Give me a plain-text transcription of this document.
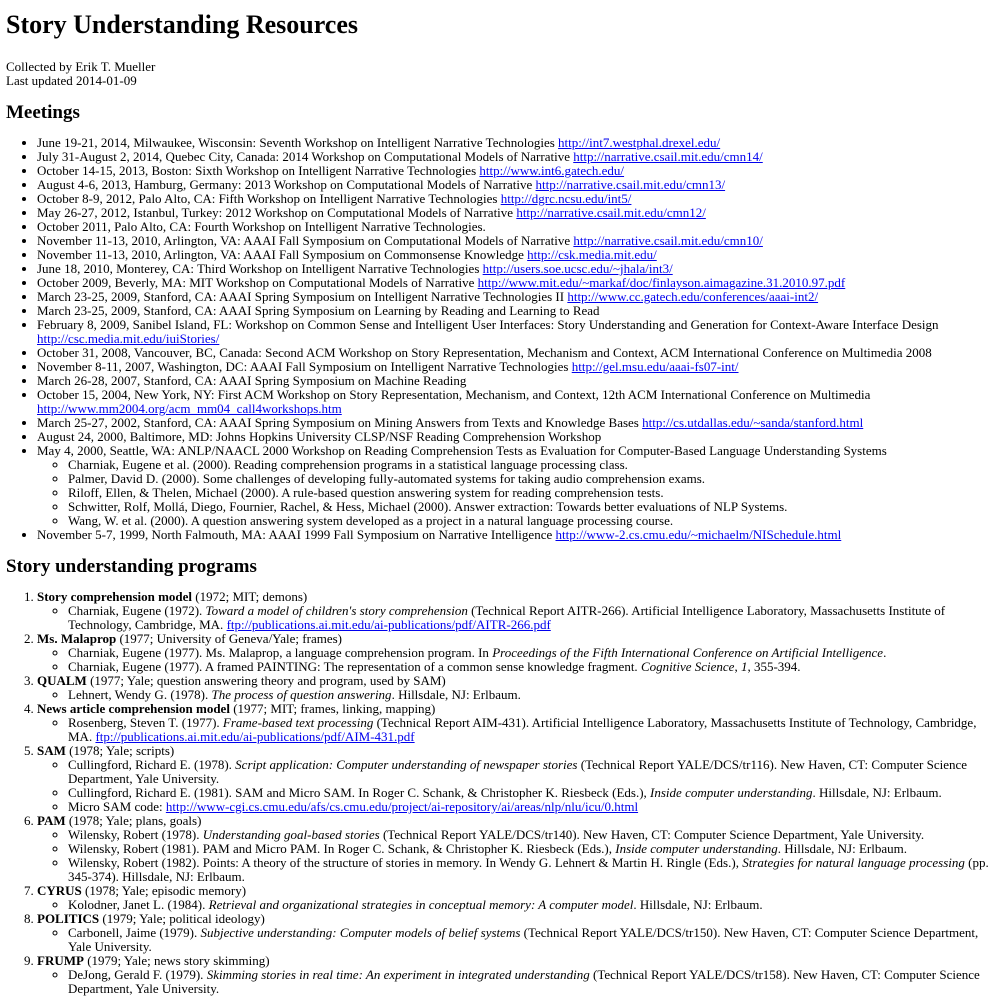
Story Understanding Resources
Collected by Erik T. Mueller
Last updated 2014-01-09
Meetings
• June 19-21, 2014, Milwaukee, Wisconsin: Seventh Workshop on Intelligent Narrative Technologies http://int7.westphal.drexel.edu/
• July 31-August 2, 2014, Quebec City, Canada: 2014 Workshop on Computational Models of Narrative http://narrative.csail.mit.edu/cmn14/
• October 14-15, 2013, Boston: Sixth Workshop on Intelligent Narrative Technologies http://www.int6.gatech.edu/
• August 4-6, 2013, Hamburg, Germany: 2013 Workshop on Computational Models of Narrative http://narrative.csail.mit.edu/cmn13/
• October 8-9, 2012, Palo Alto, CA: Fifth Workshop on Intelligent Narrative Technologies http://dgrc.ncsu.edu/int5/
• May 26-27, 2012, Istanbul, Turkey: 2012 Workshop on Computational Models of Narrative http://narrative.csail.mit.edu/cmn12/
• October 2011, Palo Alto, CA: Fourth Workshop on Intelligent Narrative Technologies.
• November 11-13, 2010, Arlington, VA: AAAI Fall Symposium on Computational Models of Narrative http://narrative.csail.mit.edu/cmn10/
• November 11-13, 2010, Arlington, VA: AAAI Fall Symposium on Commonsense Knowledge http://csk.media.mit.edu/
• June 18, 2010, Monterey, CA: Third Workshop on Intelligent Narrative Technologies http://users.soe.ucsc.edu/~jhala/int3/
• October 2009, Beverly, MA: MIT Workshop on Computational Models of Narrative http://www.mit.edu/~markaf/doc/finlayson.aimagazine.31.2010.97.pdf
• March 23-25, 2009, Stanford, CA: AAAI Spring Symposium on Intelligent Narrative Technologies II http://www.cc.gatech.edu/conferences/aaai-int2/
• March 23-25, 2009, Stanford, CA: AAAI Spring Symposium on Learning by Reading and Learning to Read
• February 8, 2009, Sanibel Island, FL: Workshop on Common Sense and Intelligent User Interfaces: Story Understanding and Generation for Context-Aware Interface Design http://csc.media.mit.edu/iuiStories/
• October 31, 2008, Vancouver, BC, Canada: Second ACM Workshop on Story Representation, Mechanism and Context, ACM International Conference on Multimedia 2008
• November 8-11, 2007, Washington, DC: AAAI Fall Symposium on Intelligent Narrative Technologies http://gel.msu.edu/aaai-fs07-int/
• March 26-28, 2007, Stanford, CA: AAAI Spring Symposium on Machine Reading
• October 15, 2004, New York, NY: First ACM Workshop on Story Representation, Mechanism, and Context, 12th ACM International Conference on Multimedia http://www.mm2004.org/acm_mm04_call4workshops.htm
• March 25-27, 2002, Stanford, CA: AAAI Spring Symposium on Mining Answers from Texts and Knowledge Bases http://cs.utdallas.edu/~sanda/stanford.html
• August 24, 2000, Baltimore, MD: Johns Hopkins University CLSP/NSF Reading Comprehension Workshop
• May 4, 2000, Seattle, WA: ANLP/NAACL 2000 Workshop on Reading Comprehension Tests as Evaluation for Computer-Based Language Understanding Systems
◦ Charniak, Eugene et al. (2000). Reading comprehension programs in a statistical language processing class.
◦ Palmer, David D. (2000). Some challenges of developing fully-automated systems for taking audio comprehension exams.
◦ Riloff, Ellen, & Thelen, Michael (2000). A rule-based question answering system for reading comprehension tests.
◦ Schwitter, Rolf, Mollá, Diego, Fournier, Rachel, & Hess, Michael (2000). Answer extraction: Towards better evaluations of NLP Systems.
◦ Wang, W. et al. (2000). A question answering system developed as a project in a natural language processing course.
• November 5-7, 1999, North Falmouth, MA: AAAI 1999 Fall Symposium on Narrative Intelligence http://www-2.cs.cmu.edu/~michaelm/NISchedule.html
Story understanding programs
1. Story comprehension model (1972; MIT; demons)
◦ Charniak, Eugene (1972). Toward a model of children's story comprehension (Technical Report AITR-266). Artificial Intelligence Laboratory, Massachusetts Institute of Technology, Cambridge, MA. ftp://publications.ai.mit.edu/ai-publications/pdf/AITR-266.pdf
2. Ms. Malaprop (1977; University of Geneva/Yale; frames)
◦ Charniak, Eugene (1977). Ms. Malaprop, a language comprehension program. In Proceedings of the Fifth International Conference on Artificial Intelligence.
◦ Charniak, Eugene (1977). A framed PAINTING: The representation of a common sense knowledge fragment. Cognitive Science, 1, 355-394.
3. QUALM (1977; Yale; question answering theory and program, used by SAM)
◦ Lehnert, Wendy G. (1978). The process of question answering. Hillsdale, NJ: Erlbaum.
4. News article comprehension model (1977; MIT; frames, linking, mapping)
◦ Rosenberg, Steven T. (1977). Frame-based text processing (Technical Report AIM-431). Artificial Intelligence Laboratory, Massachusetts Institute of Technology, Cambridge, MA. ftp://publications.ai.mit.edu/ai-publications/pdf/AIM-431.pdf
5. SAM (1978; Yale; scripts)
◦ Cullingford, Richard E. (1978). Script application: Computer understanding of newspaper stories (Technical Report YALE/DCS/tr116). New Haven, CT: Computer Science Department, Yale University.
◦ Cullingford, Richard E. (1981). SAM and Micro SAM. In Roger C. Schank, & Christopher K. Riesbeck (Eds.), Inside computer understanding. Hillsdale, NJ: Erlbaum.
◦ Micro SAM code: http://www-cgi.cs.cmu.edu/afs/cs.cmu.edu/project/ai-repository/ai/areas/nlp/nlu/icu/0.html
6. PAM (1978; Yale; plans, goals)
◦ Wilensky, Robert (1978). Understanding goal-based stories (Technical Report YALE/DCS/tr140). New Haven, CT: Computer Science Department, Yale University.
◦ Wilensky, Robert (1981). PAM and Micro PAM. In Roger C. Schank, & Christopher K. Riesbeck (Eds.), Inside computer understanding. Hillsdale, NJ: Erlbaum.
◦ Wilensky, Robert (1982). Points: A theory of the structure of stories in memory. In Wendy G. Lehnert & Martin H. Ringle (Eds.), Strategies for natural language processing (pp. 345-374). Hillsdale, NJ: Erlbaum.
7. CYRUS (1978; Yale; episodic memory)
◦ Kolodner, Janet L. (1984). Retrieval and organizational strategies in conceptual memory: A computer model. Hillsdale, NJ: Erlbaum.
8. POLITICS (1979; Yale; political ideology)
◦ Carbonell, Jaime (1979). Subjective understanding: Computer models of belief systems (Technical Report YALE/DCS/tr150). New Haven, CT: Computer Science Department, Yale University.
9. FRUMP (1979; Yale; news story skimming)
◦ DeJong, Gerald F. (1979). Skimming stories in real time: An experiment in integrated understanding (Technical Report YALE/DCS/tr158). New Haven, CT: Computer Science Department, Yale University.
